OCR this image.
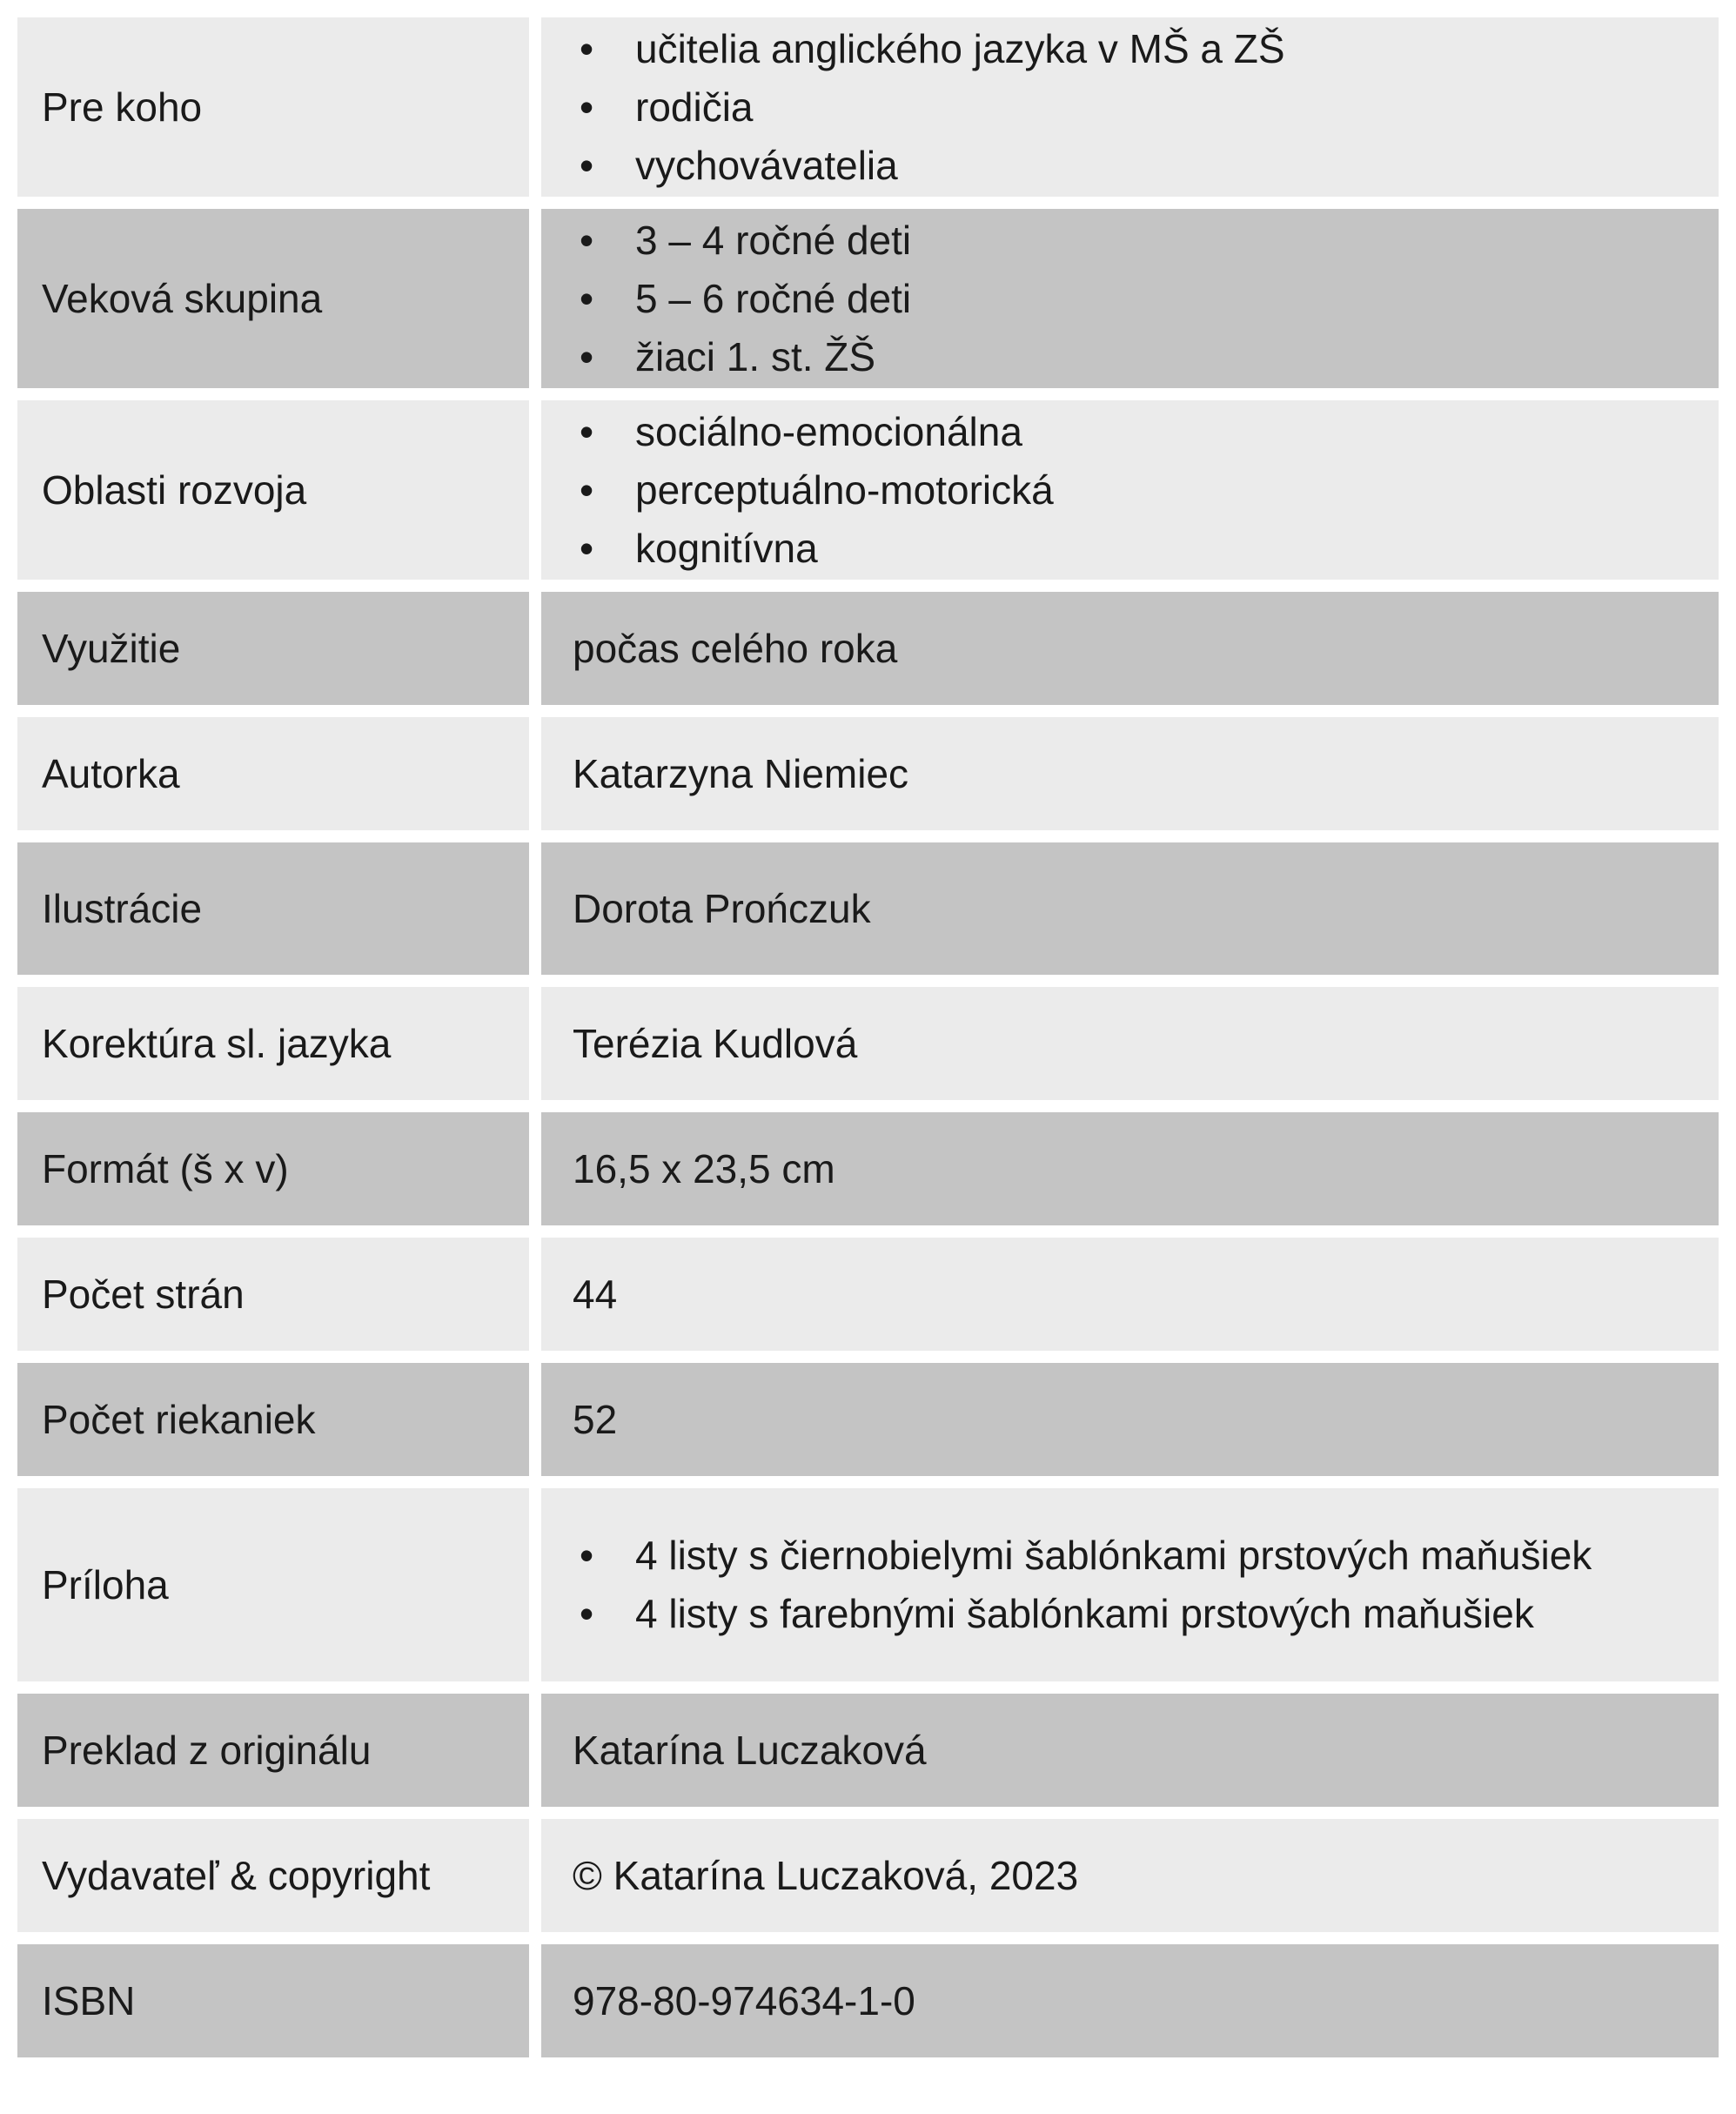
Pre koho
• učitelia anglického jazyka v MŠ a ZŠ
• rodičia
• vychovávatelia
Veková skupina
• 3 – 4 ročné deti
• 5 – 6 ročné deti
• žiaci 1. st. ŽŠ
Oblasti rozvoja
• sociálno-emocionálna
• perceptuálno-motorická
• kognitívna
Využitie	počas celého roka
Autorka	Katarzyna Niemiec
Ilustrácie	Dorota Prończuk
Korektúra sl. jazyka	Terézia Kudlová
Formát (š x v)	16,5 x 23,5 cm
Počet strán	44
Počet riekaniek	52
Príloha
• 4 listy s čiernobielymi šablónkami prstových maňušiek
• 4 listy s farebnými šablónkami prstových maňušiek
Preklad z originálu	Katarína Luczaková
Vydavateľ & copyright	© Katarína Luczaková, 2023
ISBN	978-80-974634-1-0
